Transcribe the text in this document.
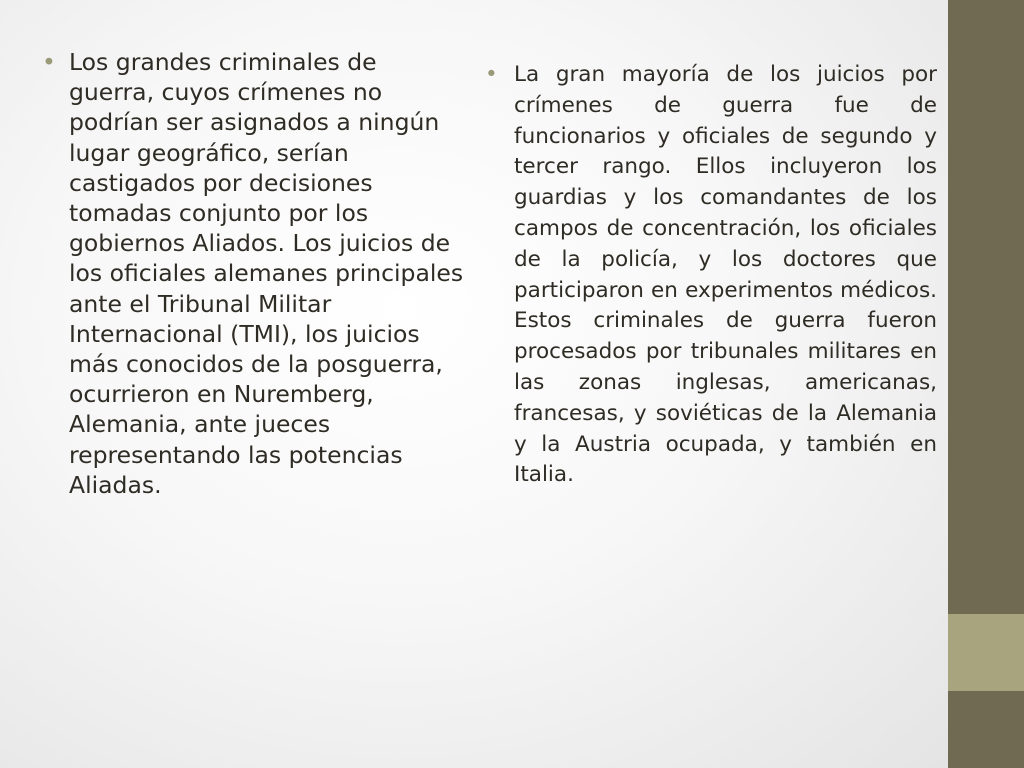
• Los grandes criminales de guerra, cuyos crímenes no podrían ser asignados a ningún lugar geográfico, serían castigados por decisiones tomadas conjunto por los gobiernos Aliados. Los juicios de los oficiales alemanes principales ante el Tribunal Militar Internacional (TMI), los juicios más conocidos de la posguerra, ocurrieron en Nuremberg, Alemania, ante jueces representando las potencias Aliadas.
• La gran mayoría de los juicios por crímenes de guerra fue de funcionarios y oficiales de segundo y tercer rango. Ellos incluyeron los guardias y los comandantes de los campos de concentración, los oficiales de la policía, y los doctores que participaron en experimentos médicos. Estos criminales de guerra fueron procesados por tribunales militares en las zonas inglesas, americanas, francesas, y soviéticas de la Alemania y la Austria ocupada, y también en Italia.
